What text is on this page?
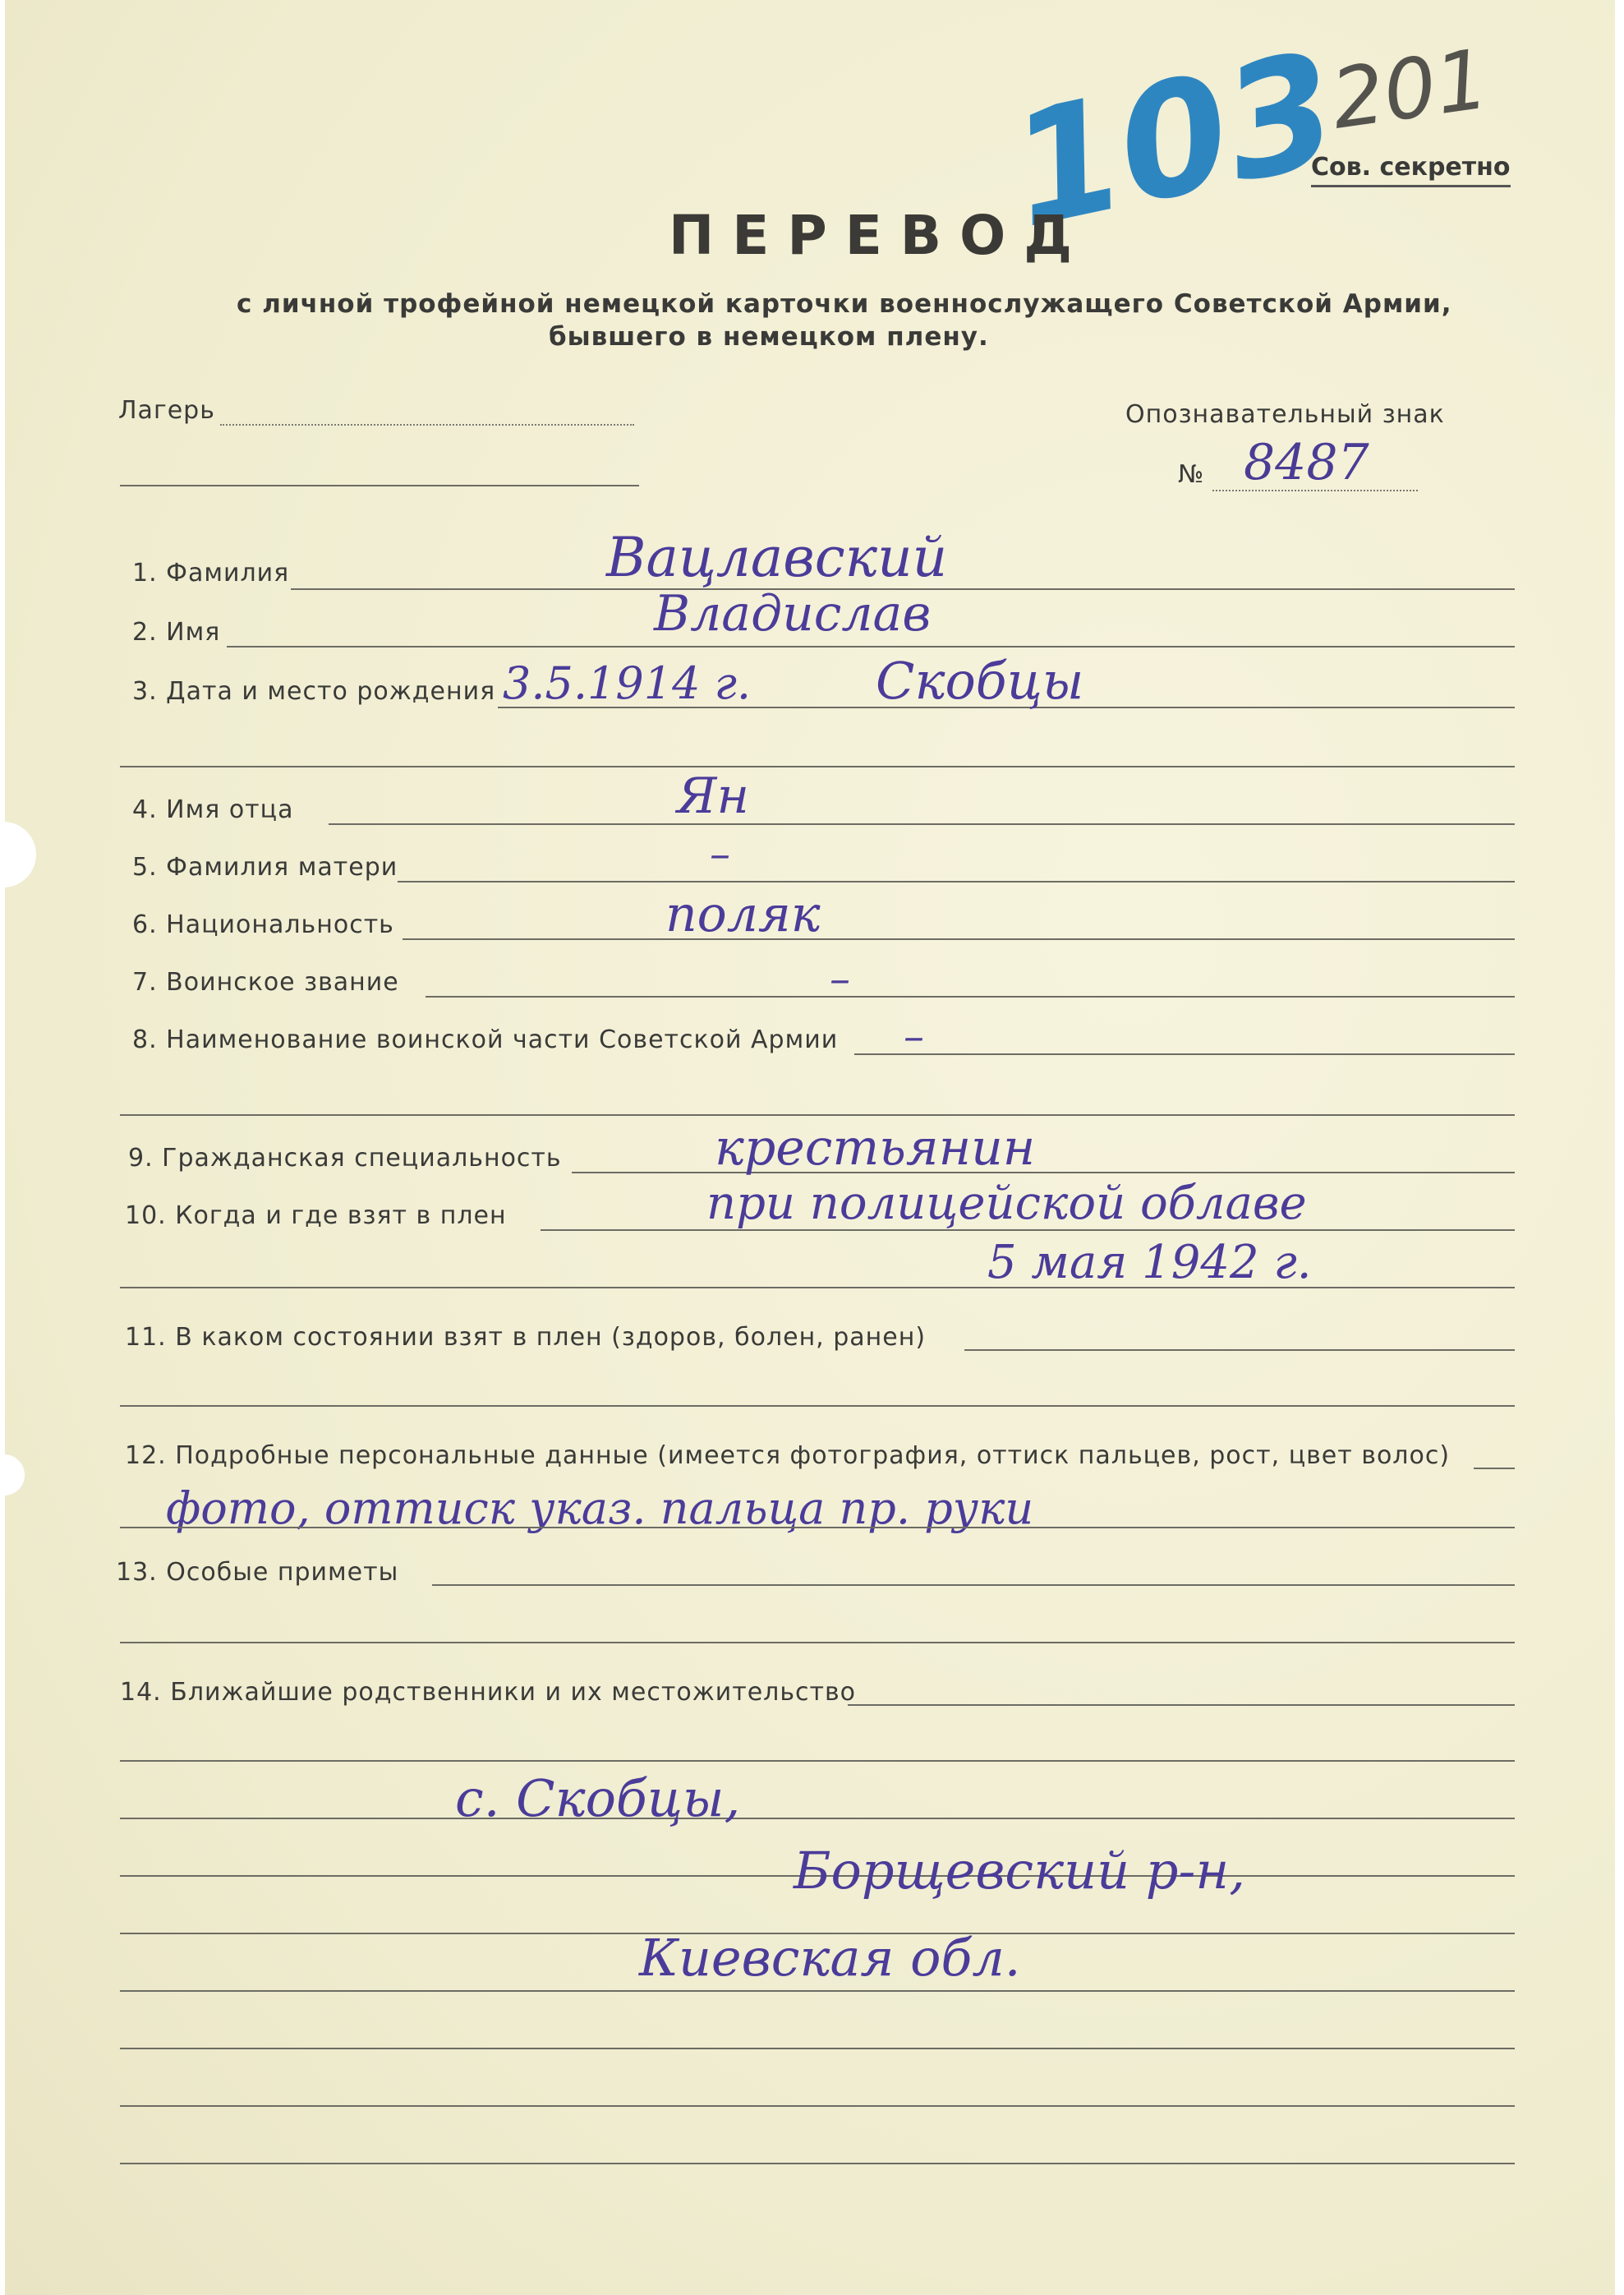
Сов. секретно
103
201
ПЕРЕВОД
с личной трофейной немецкой карточки военнослужащего Советской Армии,
бывшего в немецком плену.
Лагерь	Опознавательный знак
№ 8487
1. Фамилия	Вацлавский
2. Имя	Владислав
3. Дата и место рождения 3.5.1914 г. Скобцы
4. Имя отца	Ян
5. Фамилия матери	–
6. Национальность	поляк
7. Воинское звание	–
8. Наименование воинской части Советской Армии –
9. Гражданская специальность	крестьянин
10. Когда и где взят в плен	при полицейской облаве
5 мая 1942 г.
11. В каком состоянии взят в плен (здоров, болен, ранен)
12. Подробные персональные данные (имеется фотография, оттиск пальцев, рост, цвет волос)
фото, оттиск указ. пальца пр. руки
13. Особые приметы
14. Ближайшие родственники и их местожительство
с. Скобцы,
Борщевский р-н,
Киевская обл.
